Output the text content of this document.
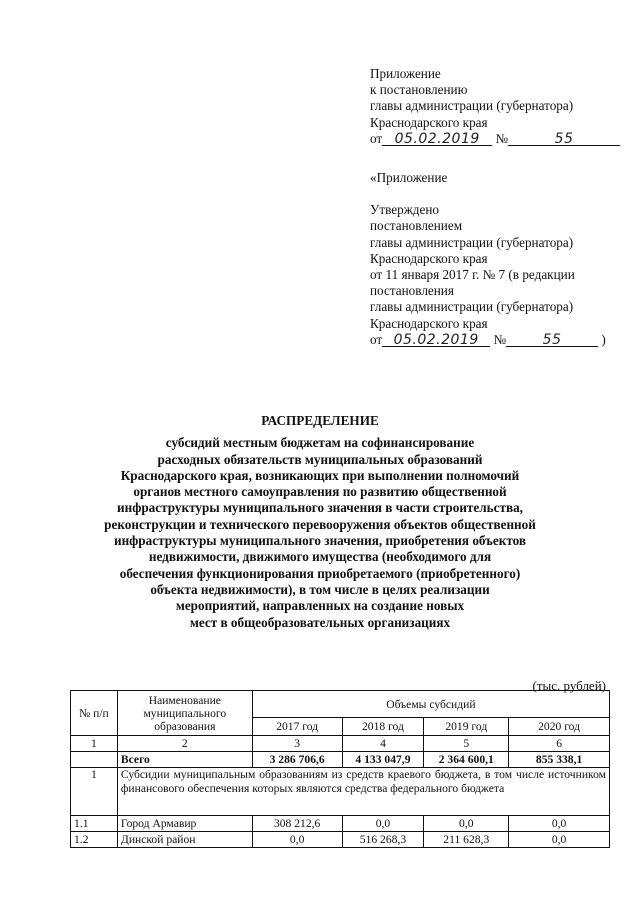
Приложение
к постановлению
главы администрации (губернатора)
Краснодарского края
от 05.02.2019 №	55
«Приложение
Утверждено
постановлением
главы администрации (губернатора)
Краснодарского края
от 11 января 2017 г. № 7 (в редакции
постановления
главы администрации (губернатора)
Краснодарского края
от 05.02.2019 №	55	)
РАСПРЕДЕЛЕНИЕ
субсидий местным бюджетам на софинансирование
расходных обязательств муниципальных образований
Краснодарского края, возникающих при выполнении полномочий
органов местного самоуправления по развитию общественной
инфраструктуры муниципального значения в части строительства,
реконструкции и технического перевооружения объектов общественной
инфраструктуры муниципального значения, приобретения объектов
недвижимости, движимого имущества (необходимого для
обеспечения функционирования приобретаемого (приобретенного)
объекта недвижимости), в том числе в целях реализации
мероприятий, направленных на создание новых
мест в общеобразовательных организациях
(тыс. рублей)
№ п/п	Наименование муниципального образования	Объемы субсидий			
		2017 год	2018 год	2019 год	2020 год
1	2	3	4	5	6
	Всего	3 286 706,6	4 133 047,9	2 364 600,1	855 338,1
1	Субсидии муниципальным образованиям из средств краевого бюджета, в том числе источником финансового обеспечения которых являются средства федерального бюджета				
1.1	Город Армавир	308 212,6	0,0	0,0	0,0
1.2	Динской район	0,0	516 268,3	211 628,3	0,0
